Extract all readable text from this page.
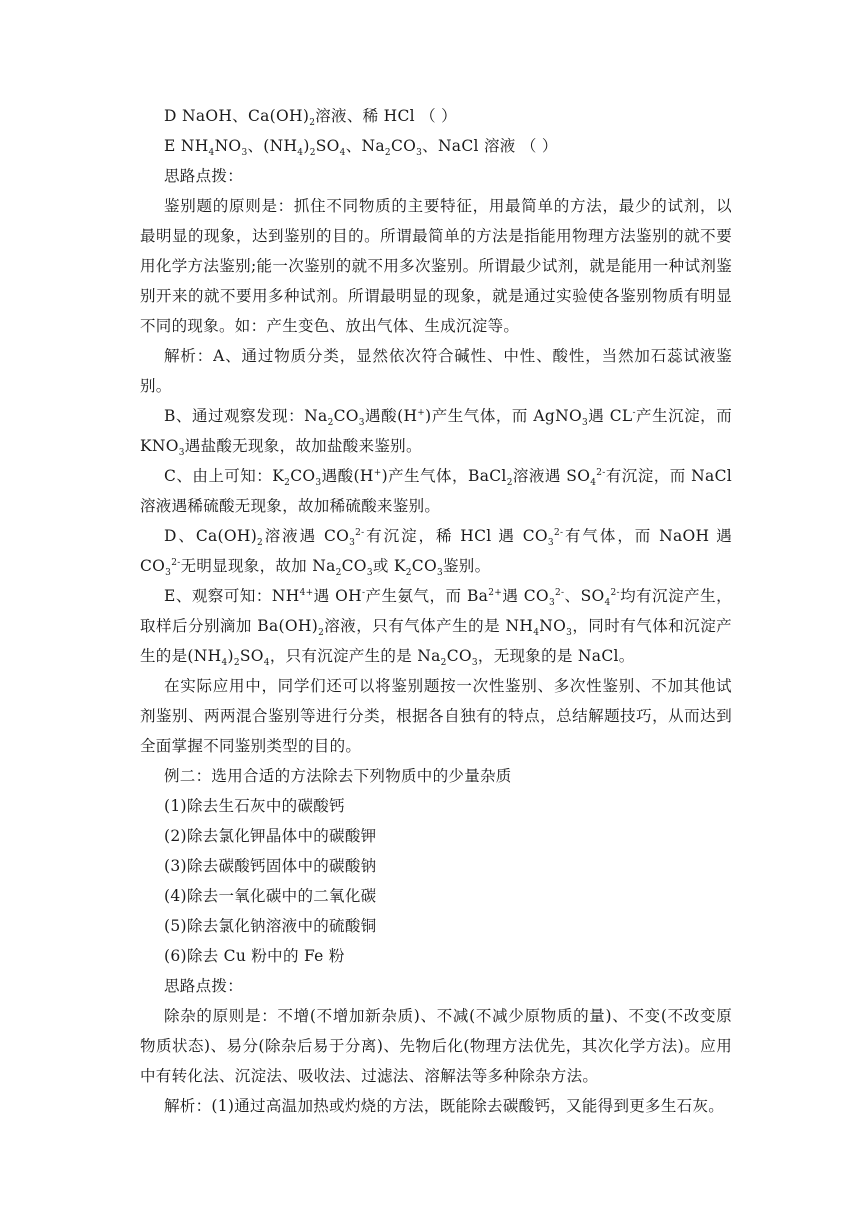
D NaOH、$Ca(OH)_2$溶液、稀 HCl （ ）

E $NH_4NO_3$、$(NH_4)_2SO_4$、$Na_2CO_3$、NaCl 溶液 （ ）

思路点拨：

鉴别题的原则是：抓住不同物质的主要特征，用最简单的方法，最少的试剂，以最明显的现象，达到鉴别的目的。所谓最简单的方法是指能用物理方法鉴别的就不要用化学方法鉴别;能一次鉴别的就不用多次鉴别。所谓最少试剂，就是能用一种试剂鉴别开来的就不要用多种试剂。所谓最明显的现象，就是通过实验使各鉴别物质有明显不同的现象。如：产生变色、放出气体、生成沉淀等。

解析：A、通过物质分类，显然依次符合碱性、中性、酸性，当然加石蕊试液鉴别。

B、通过观察发现：$Na_2CO_3$遇酸(H+)产生气体，而 AgNO$_3$遇 CL-产生沉淀，而 $KNO_3$遇盐酸无现象，故加盐酸来鉴别。

C、由上可知：$K_2CO_3$遇酸(H+)产生气体，BaCl$_2$溶液遇 $SO_4^{2-}$有沉淀，而 NaCl 溶液遇稀硫酸无现象，故加稀硫酸来鉴别。

D、$Ca(OH)_2$溶液遇 $CO_3^{2-}$有沉淀，稀 HCl 遇 $CO_3^{2-}$有气体，而 NaOH 遇 $CO_3^{2-}$无明显现象，故加 $Na_2CO_3$或 $K_2CO_3$鉴别。

E、观察可知：$NH^{4+}$遇 OH-产生氨气，而 $Ba^{2+}$遇 $CO_3^{2-}$、$SO_4^{2-}$均有沉淀产生，取样后分别滴加 $Ba(OH)_2$溶液，只有气体产生的是 $NH_4NO_3$，同时有气体和沉淀产生的是$(NH_4)_2SO_4$，只有沉淀产生的是 $Na_2CO_3$，无现象的是 NaCl。

在实际应用中，同学们还可以将鉴别题按一次性鉴别、多次性鉴别、不加其他试剂鉴别、两两混合鉴别等进行分类，根据各自独有的特点，总结解题技巧，从而达到全面掌握不同鉴别类型的目的。

例二：选用合适的方法除去下列物质中的少量杂质

(1)除去生石灰中的碳酸钙

(2)除去氯化钾晶体中的碳酸钾

(3)除去碳酸钙固体中的碳酸钠

(4)除去一氧化碳中的二氧化碳

(5)除去氯化钠溶液中的硫酸铜

(6)除去 Cu 粉中的 Fe 粉

思路点拨：

除杂的原则是：不增(不增加新杂质)、不减(不减少原物质的量)、不变(不改变原物质状态)、易分(除杂后易于分离)、先物后化(物理方法优先，其次化学方法)。应用中有转化法、沉淀法、吸收法、过滤法、溶解法等多种除杂方法。

解析：(1)通过高温加热或灼烧的方法，既能除去碳酸钙，又能得到更多生石灰。
